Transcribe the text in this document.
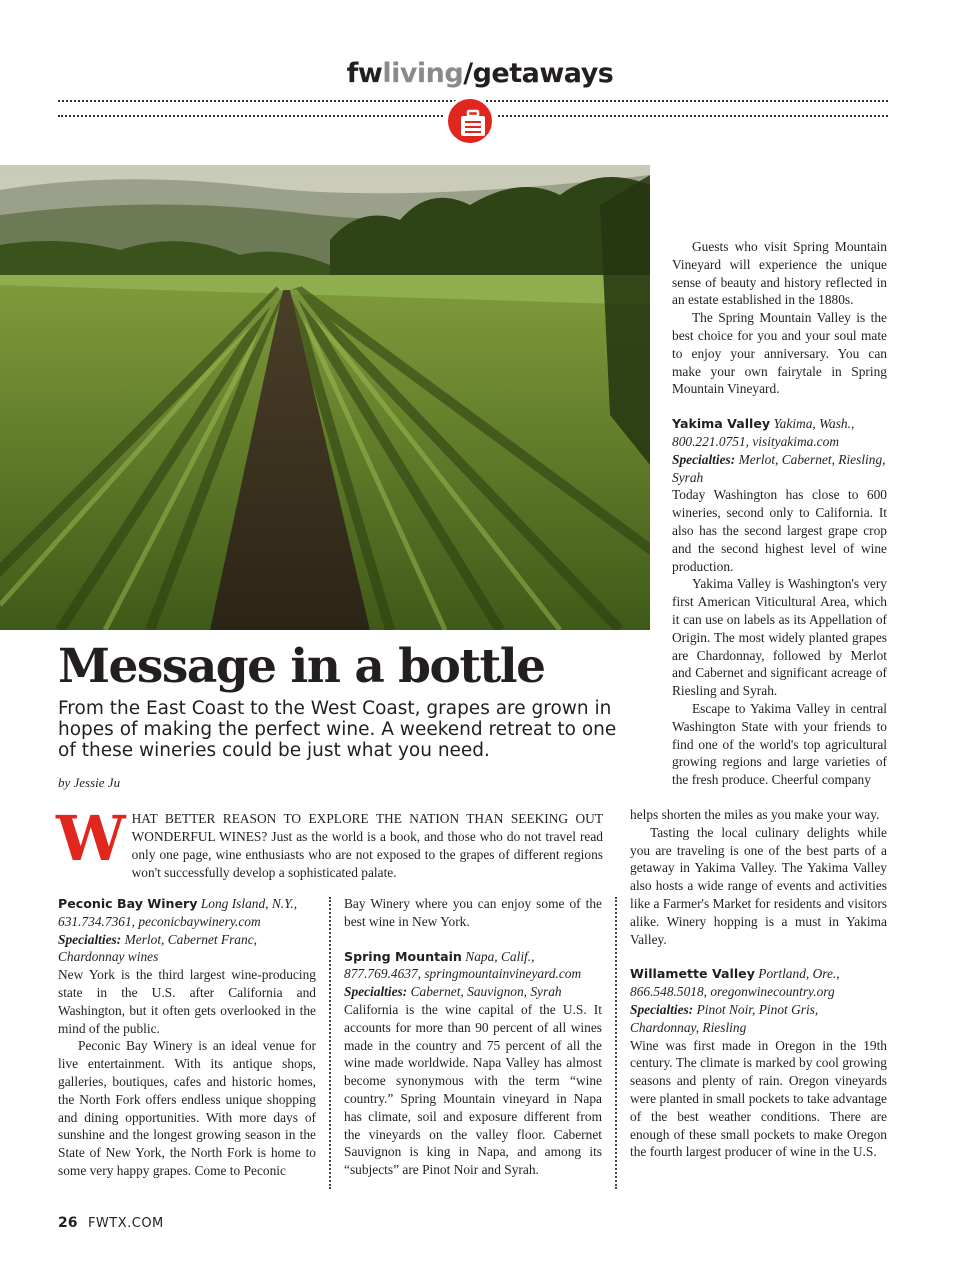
fwliving/getaways
Message in a bottle

From the East Coast to the West Coast, grapes are grown in hopes of making the perfect wine. A weekend retreat to one of these wineries could be just what you need.

by Jessie Ju

WHAT BETTER REASON TO EXPLORE THE NATION THAN SEEKING OUT WONDERFUL WINES? Just as the world is a book, and those who do not travel read only one page, wine enthusiasts who are not exposed to the grapes of different regions won't successfully develop a sophisticated palate.

Peconic Bay Winery Long Island, N.Y., 631.734.7361, peconicbaywinery.com Specialties: Merlot, Cabernet Franc, Chardonnay wines

New York is the third largest wine-producing state in the U.S. after California and Washington, but it often gets overlooked in the mind of the public.

Peconic Bay Winery is an ideal venue for live entertainment. With its antique shops, galleries, boutiques, cafes and historic homes, the North Fork offers endless unique shopping and dining opportunities. With more days of sunshine and the longest growing season in the State of New York, the North Fork is home to some very happy grapes. Come to Peconic

Bay Winery where you can enjoy some of the best wine in New York.

Spring Mountain Napa, Calif., 877.769.4637, springmountainvineyard.com Specialties: Cabernet, Sauvignon, Syrah

California is the wine capital of the U.S. It accounts for more than 90 percent of all wines made in the country and 75 percent of all the wine made worldwide. Napa Valley has almost become synonymous with the term “wine country.” Spring Mountain vineyard in Napa has climate, soil and exposure different from the vineyards on the valley floor. Cabernet Sauvignon is king in Napa, and among its “subjects” are Pinot Noir and Syrah.

Guests who visit Spring Mountain Vineyard will experience the unique sense of beauty and history reflected in an estate established in the 1880s.

The Spring Mountain Valley is the best choice for you and your soul mate to enjoy your anniversary. You can make your own fairytale in Spring Mountain Vineyard.

Yakima Valley Yakima, Wash., 800.221.0751, visityakima.com Specialties: Merlot, Cabernet, Riesling, Syrah

Today Washington has close to 600 wineries, second only to California. It also has the second largest grape crop and the second highest level of wine production.

Yakima Valley is Washington's very first American Viticultural Area, which it can use on labels as its Appellation of Origin. The most widely planted grapes are Chardonnay, followed by Merlot and Cabernet and significant acreage of Riesling and Syrah.

Escape to Yakima Valley in central Washington State with your friends to find one of the world's top agricultural growing regions and large varieties of the fresh produce. Cheerful company

helps shorten the miles as you make your way.

Tasting the local culinary delights while you are traveling is one of the best parts of a getaway in Yakima Valley. The Yakima Valley also hosts a wide range of events and activities like a Farmer's Market for residents and visitors alike. Winery hopping is a must in Yakima Valley.

Willamette Valley Portland, Ore., 866.548.5018, oregonwinecountry.org Specialties: Pinot Noir, Pinot Gris, Chardonnay, Riesling

Wine was first made in Oregon in the 19th century. The climate is marked by cool growing seasons and plenty of rain. Oregon vineyards were planted in small pockets to take advantage of the best weather conditions. There are enough of these small pockets to make Oregon the fourth largest producer of wine in the U.S.

26 FWTX.COM
